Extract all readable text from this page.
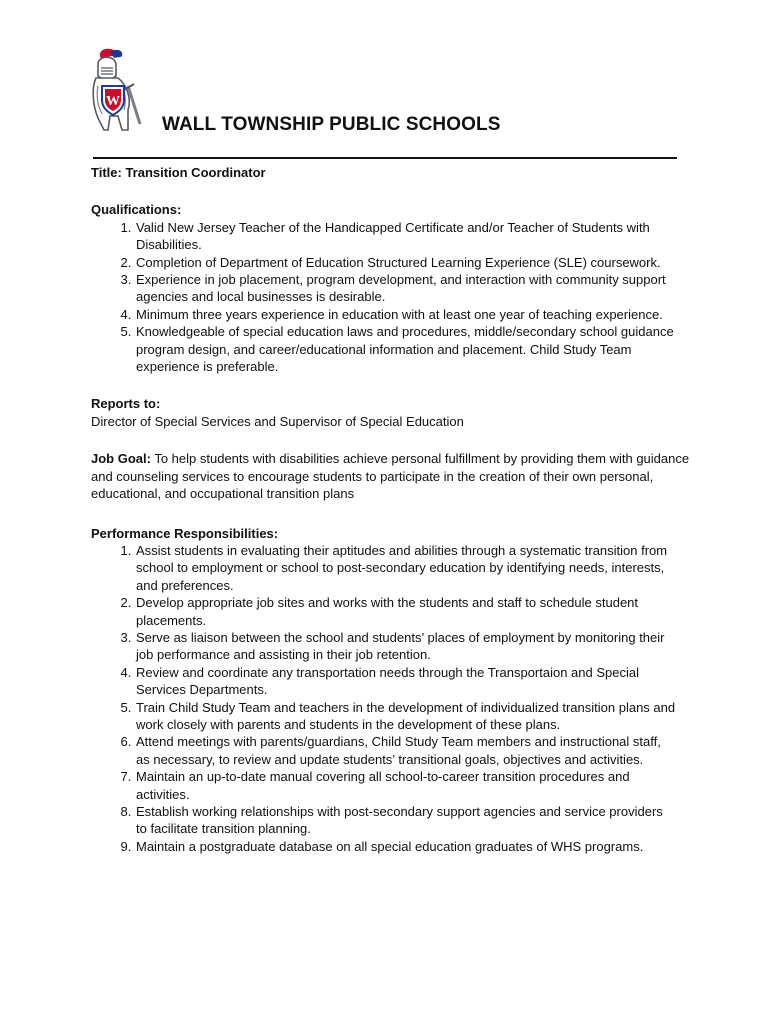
W
WALL TOWNSHIP PUBLIC SCHOOLS

Title: Transition Coordinator

Qualifications:

1. Valid New Jersey Teacher of the Handicapped Certificate and/or Teacher of Students with Disabilities.
2. Completion of Department of Education Structured Learning Experience (SLE) coursework.
3. Experience in job placement, program development, and interaction with community support agencies and local businesses is desirable.
4. Minimum three years experience in education with at least one year of teaching experience.
5. Knowledgeable of special education laws and procedures, middle/secondary school guidance program design, and career/educational information and placement. Child Study Team experience is preferable.

Reports to:

Director of Special Services and Supervisor of Special Education

Job Goal: To help students with disabilities achieve personal fulfillment by providing them with guidance and counseling services to encourage students to participate in the creation of their own personal, educational, and occupational transition plans

Performance Responsibilities:

1. Assist students in evaluating their aptitudes and abilities through a systematic transition from school to employment or school to post-secondary education by identifying needs, interests, and preferences.
2. Develop appropriate job sites and works with the students and staff to schedule student placements.
3. Serve as liaison between the school and students’ places of employment by monitoring their job performance and assisting in their job retention.
4. Review and coordinate any transportation needs through the Transportaion and Special Services Departments.
5. Train Child Study Team and teachers in the development of individualized transition plans and work closely with parents and students in the development of these plans.
6. Attend meetings with parents/guardians, Child Study Team members and instructional staff, as necessary, to review and update students’ transitional goals, objectives and activities.
7. Maintain an up-to-date manual covering all school-to-career transition procedures and activities.
8. Establish working relationships with post-secondary support agencies and service providers to facilitate transition planning.
9. Maintain a postgraduate database on all special education graduates of WHS programs.
